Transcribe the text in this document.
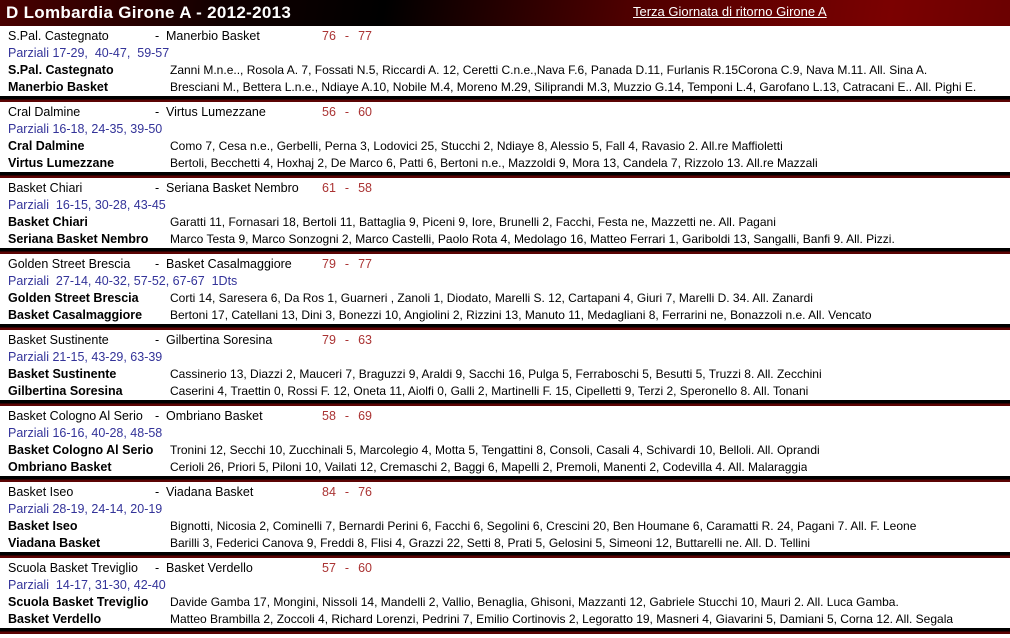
D Lombardia Girone A - 2012-2013	Terza Giornata di ritorno Girone A
S.Pal. Castegnato	- Manerbio Basket	76 - 77
Parziali 17-29,  40-47,  59-57
S.Pal. Castegnato	Zanni M.n.e.., Rosola A. 7, Fossati N.5, Riccardi A. 12, Ceretti C.n.e.,Nava F.6, Panada D.11, Furlanis R.15Corona C.9, Nava M.11. All. Sina A.
Manerbio Basket	Bresciani M., Bettera L.n.e., Ndiaye A.10, Nobile M.4, Moreno M.29, Siliprandi M.3, Muzzio G.14, Temponi L.4, Garofano L.13, Catracani E.. All. Pighi E.
Cral Dalmine	- Virtus Lumezzane	56 - 60
Parziali 16-18, 24-35, 39-50
Cral Dalmine	Como 7, Cesa n.e., Gerbelli, Perna 3, Lodovici 25, Stucchi 2, Ndiaye 8, Alessio 5, Fall 4, Ravasio 2. All.re Maffioletti
Virtus Lumezzane	Bertoli, Becchetti 4, Hoxhaj 2, De Marco 6, Patti 6, Bertoni n.e., Mazzoldi 9, Mora 13, Candela 7, Rizzolo 13. All.re Mazzali
Basket Chiari	- Seriana Basket Nembro	61 - 58
Parziali  16-15, 30-28, 43-45
Basket Chiari	Garatti 11, Fornasari 18, Bertoli 11, Battaglia 9, Piceni 9, Iore, Brunelli 2, Facchi, Festa ne, Mazzetti ne. All. Pagani
Seriana Basket Nembro	Marco Testa 9, Marco Sonzogni 2, Marco Castelli, Paolo Rota 4, Medolago 16, Matteo Ferrari 1, Gariboldi 13, Sangalli, Banfi 9. All. Pizzi.
Golden Street Brescia	- Basket Casalmaggiore	79 - 77
Parziali  27-14, 40-32, 57-52, 67-67  1Dts
Golden Street Brescia	Corti 14, Saresera 6, Da Ros 1, Guarneri , Zanoli 1, Diodato, Marelli S. 12, Cartapani 4, Giuri 7, Marelli D. 34. All. Zanardi
Basket Casalmaggiore	Bertoni 17, Catellani 13, Dini 3, Bonezzi 10, Angiolini 2, Rizzini 13, Manuto 11, Medagliani 8, Ferrarini ne, Bonazzoli n.e. All. Vencato
Basket Sustinente	- Gilbertina Soresina	79 - 63
Parziali 21-15, 43-29, 63-39
Basket Sustinente	Cassinerio 13, Diazzi 2, Mauceri 7, Braguzzi 9, Araldi 9, Sacchi 16, Pulga 5, Ferraboschi 5, Besutti 5, Truzzi 8. All. Zecchini
Gilbertina Soresina	Caserini 4, Traettin 0, Rossi F. 12, Oneta 11, Aiolfi 0, Galli 2, Martinelli F. 15, Cipelletti 9, Terzi 2, Speronello 8. All. Tonani
Basket Cologno Al Serio - Ombriano Basket	58 - 69
Parziali 16-16, 40-28, 48-58
Basket Cologno Al Serio	Tronini 12, Secchi 10, Zucchinali 5, Marcolegio 4, Motta 5, Tengattini 8, Consoli, Casali 4, Schivardi 10, Belloli. All. Oprandi
Ombriano Basket	Cerioli 26, Priori 5, Piloni 10, Vailati 12, Cremaschi 2, Baggi 6, Mapelli 2, Premoli, Manenti 2, Codevilla 4. All. Malaraggia
Basket Iseo	- Viadana Basket	84 - 76
Parziali 28-19, 24-14, 20-19
Basket Iseo	Bignotti, Nicosia 2, Cominelli 7, Bernardi Perini 6, Facchi 6, Segolini 6, Crescini 20, Ben Houmane 6, Caramatti R. 24, Pagani 7. All. F. Leone
Viadana Basket	Barilli 3, Federici Canova 9, Freddi 8, Flisi 4, Grazzi 22, Setti 8, Prati 5, Gelosini 5, Simeoni 12, Buttarelli ne. All. D. Tellini
Scuola Basket Treviglio	- Basket Verdello	57 - 60
Parziali  14-17, 31-30, 42-40
Scuola Basket Treviglio	Davide Gamba 17, Mongini, Nissoli 14, Mandelli 2, Vallio, Benaglia, Ghisoni, Mazzanti 12, Gabriele Stucchi 10, Mauri 2. All. Luca Gamba.
Basket Verdello	Matteo Brambilla 2, Zoccoli 4, Richard Lorenzi, Pedrini 7, Emilio Cortinovis 2, Legoratto 19, Masneri 4, Giavarini 5, Damiani 5, Corna 12. All. Segala
